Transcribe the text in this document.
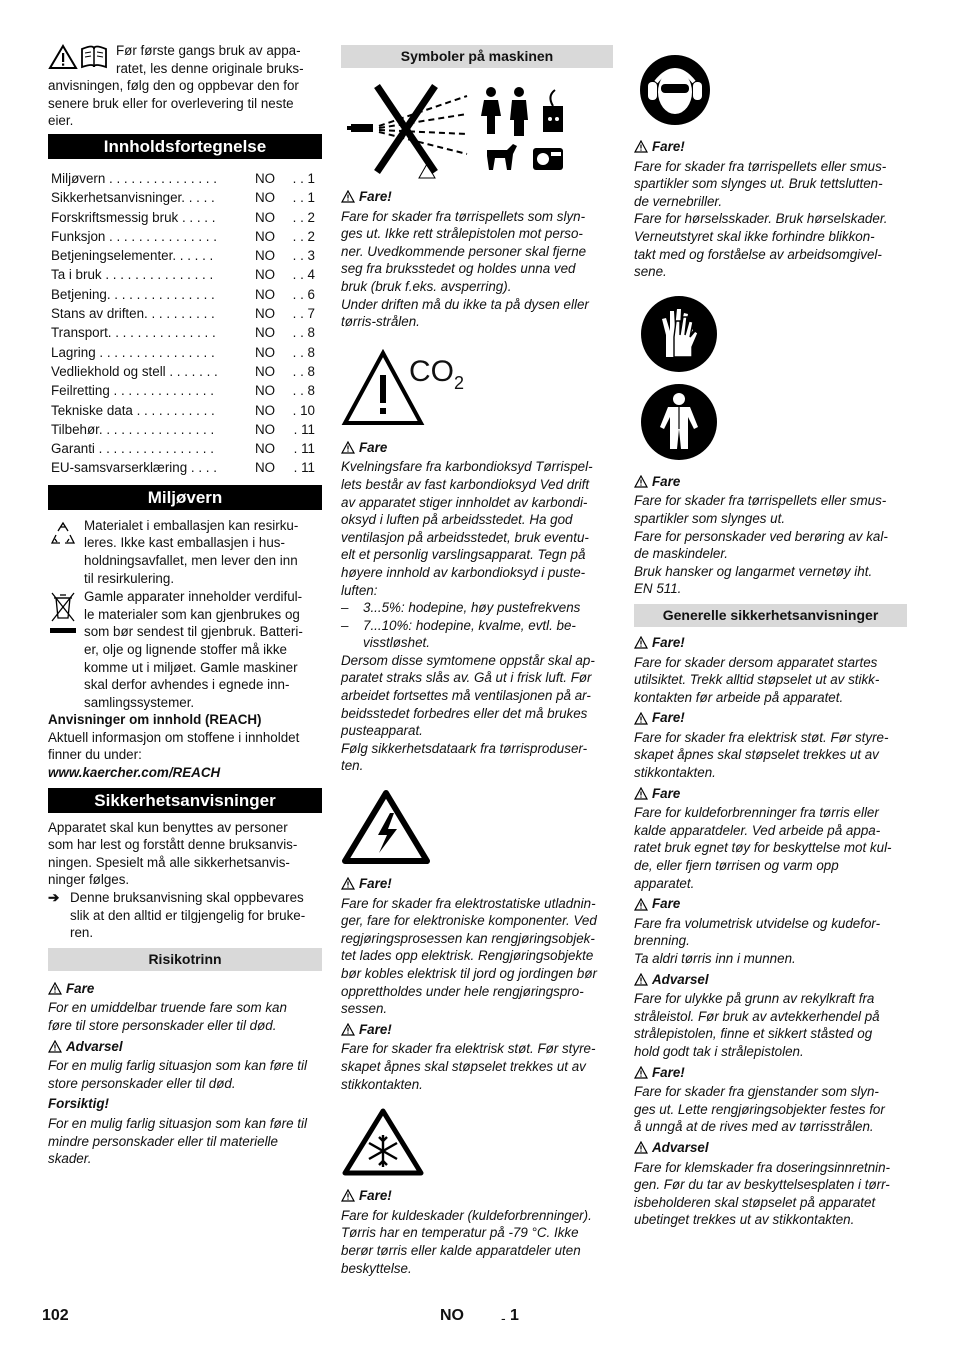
Før første gangs bruk av appa-

ratet, les denne originale bruks-

anvisningen, følg den og oppbevar den for

senere bruk eller for overlevering til neste

eier.

Innholdsfortegnelse
Miljøvern . . . . . . . . . . . . . . .	NO	. . 1
Sikkerhetsanvisninger. . . . .	NO	. . 1
Forskriftsmessig bruk . . . . .	NO	. . 2
Funksjon . . . . . . . . . . . . . . .	NO	. . 2
Betjeningselementer. . . . . .	NO	. . 3
Ta i bruk . . . . . . . . . . . . . . .	NO	. . 4
Betjening. . . . . . . . . . . . . . .	NO	. . 6
Stans av driften. . . . . . . . . .	NO	. . 7
Transport. . . . . . . . . . . . . . .	NO	. . 8
Lagring . . . . . . . . . . . . . . . .	NO	. . 8
Vedliekhold og stell . . . . . . .	NO	. . 8
Feilretting . . . . . . . . . . . . . .	NO	. . 8
Tekniske data . . . . . . . . . . .	NO	. 10
Tilbehør. . . . . . . . . . . . . . . .	NO	. 11
Garanti . . . . . . . . . . . . . . . .	NO	. 11
EU-samsvarserklæring . . . .	NO	. 11
Miljøvern

Materialet i emballasjen kan resirku-

leres. Ikke kast emballasjen i hus-

holdningsavfallet, men lever den inn

til resirkulering.

Gamle apparater inneholder verdiful-

le materialer som kan gjenbrukes og

som bør sendest til gjenbruk. Batteri-

er, olje og lignende stoffer må ikke

komme ut i miljøet. Gamle maskiner

skal derfor avhendes i egnede inn-

samlingssystemer.

Anvisninger om innhold (REACH)

Aktuell informasjon om stoffene i innholdet

finner du under:

www.kaercher.com/REACH

Sikkerhetsanvisninger

Apparatet skal kun benyttes av personer

som har lest og forstått denne bruksanvis-

ningen. Spesielt må alle sikkerhetsanvis-

ninger følges.

➔ Denne bruksanvisning skal oppbevares

slik at den alltid er tilgjengelig for bruke-

ren.

Risikotrinn
Fare

For en umiddelbar truende fare som kan

føre til store personskader eller til død.

Advarsel

For en mulig farlig situasjon som kan føre til

store personskader eller til død.

Forsiktig!

For en mulig farlig situasjon som kan føre til

mindre personskader eller til materielle

skader.

Symboler på maskinen
Fare!

Fare for skader fra tørrispellets som slyn-

ges ut. Ikke rett strålepistolen mot perso-

ner. Uvedkommende personer skal fjerne

seg fra bruksstedet og holdes unna ved

bruk (bruk f.eks. avsperring).

Under driften må du ikke ta på dysen eller

tørris-strålen.

$CO_2$
Fare

Kvelningsfare fra karbondioksyd Tørrispel-

lets består av fast karbondioksyd Ved drift

av apparatet stiger innholdet av karbondi-

oksyd i luften på arbeidsstedet. Ha god

ventilasjon på arbeidsstedet, bruk eventu-

elt et personlig varslingsapparat. Tegn på

høyere innhold av karbondioksyd i puste-

luften:

–	3...5%: hodepine, høy pustefrekvens
–	7...10%: hodepine, kvalme, evtl. be-

visstløshet.

Dersom disse symtomene oppstår skal ap-

paratet straks slås av. Gå ut i frisk luft. Før

arbeidet fortsettes må ventilasjonen på ar-

beidsstedet forbedres eller det må brukes

pusteapparat.

Følg sikkerhetsdataark fra tørrisproduser-

ten.

Fare!

Fare for skader fra elektrostatiske utladnin-

ger, fare for elektroniske komponenter. Ved

regjøringsprosessen kan rengjøringsobjek-

tet lades opp elektrisk. Rengjøringsobjekte

bør kobles elektrisk til jord og jordingen bør

opprettholdes under hele rengjøringspro-

sessen.

Fare!

Fare for skader fra elektrisk støt. Før styre-

skapet åpnes skal støpselet trekkes ut av

stikkontakten.

Fare!

Fare for kuldeskader (kuldeforbrenninger).

Tørris har en temperatur på -79 °C. Ikke

berør tørris eller kalde apparatdeler uten

beskyttelse.

Fare!

Fare for skader fra tørrispellets eller smus-

spartikler som slynges ut. Bruk tettslutten-

de vernebriller.

Fare for hørselsskader. Bruk hørselskader.

Verneutstyret skal ikke forhindre blikkon-

takt med og forståelse av arbeidsomgivel-

sene.

Fare

Fare for skader fra tørrispellets eller smus-

spartikler som slynges ut.

Fare for personskader ved berøring av kal-

de maskindeler.

Bruk hansker og langarmet vernetøy iht.

EN 511.

Generelle sikkerhetsanvisninger
Fare!

Fare for skader dersom apparatet startes

utilsiktet. Trekk alltid støpselet ut av stikk-

kontakten før arbeide på apparatet.

Fare!

Fare for skader fra elektrisk støt. Før styre-

skapet åpnes skal støpselet trekkes ut av

stikkontakten.

Fare

Fare for kuldeforbrenninger fra tørris eller

kalde apparatdeler. Ved arbeide på appa-

ratet bruk egnet tøy for beskyttelse mot kul-

de, eller fjern tørrisen og varm opp

apparatet.

Fare

Fare fra volumetrisk utvidelse og kudefor-

brenning.

Ta aldri tørris inn i munnen.

Advarsel

Fare for ulykke på grunn av rekylkraft fra

stråleistol. Før bruk av avtekkerhendel på

strålepistolen, finne et sikkert ståsted og

hold godt tak i strålepistolen.

Fare!

Fare for skader fra gjenstander som slyn-

ges ut. Lette rengjøringsobjekter festes for

å unngå at de rives med av tørrisstrålen.

Advarsel

Fare for klemskader fra doseringsinnretnin-

gen. Før du tar av beskyttelsesplaten i tørr-

isbeholderen skal støpselet på apparatet

ubetinget trekkes ut av stikkontakten.

102	NO	- 1
